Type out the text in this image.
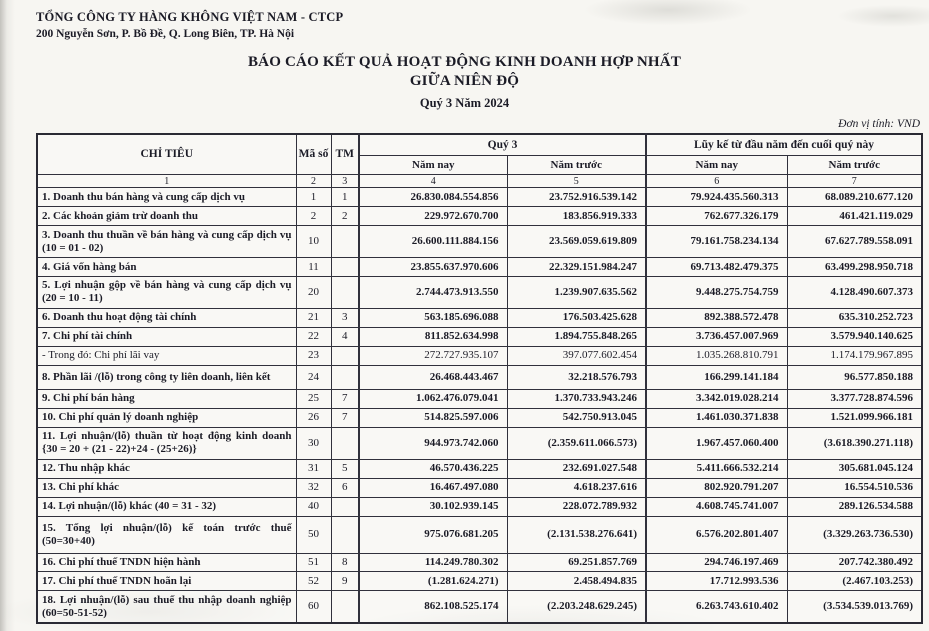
TỔNG CÔNG TY HÀNG KHÔNG VIỆT NAM - CTCP
200 Nguyễn Sơn, P. Bồ Đề, Q. Long Biên, TP. Hà Nội
BÁO CÁO KẾT QUẢ HOẠT ĐỘNG KINH DOANH HỢP NHẤT
GIỮA NIÊN ĐỘ
Quý 3 Năm 2024
Đơn vị tính: VND
CHỈ TIÊU	Mã số	TM	Quý 3		Lũy kế từ đầu năm đến cuối quý này	
			Năm nay	Năm trước	Năm nay	Năm trước
1	2	3	4	5	6	7
1. Doanh thu bán hàng và cung cấp dịch vụ	1	1	26.830.084.554.856	23.752.916.539.142	79.924.435.560.313	68.089.210.677.120
2. Các khoản giảm trừ doanh thu	2	2	229.972.670.700	183.856.919.333	762.677.326.179	461.421.119.029
3. Doanh thu thuần về bán hàng và cung cấp dịch vụ (10 = 01 - 02)	10		26.600.111.884.156	23.569.059.619.809	79.161.758.234.134	67.627.789.558.091
4. Giá vốn hàng bán	11		23.855.637.970.606	22.329.151.984.247	69.713.482.479.375	63.499.298.950.718
5. Lợi nhuận gộp về bán hàng và cung cấp dịch vụ (20 = 10 - 11)	20		2.744.473.913.550	1.239.907.635.562	9.448.275.754.759	4.128.490.607.373
6. Doanh thu hoạt động tài chính	21	3	563.185.696.088	176.503.425.628	892.388.572.478	635.310.252.723
7. Chi phí tài chính	22	4	811.852.634.998	1.894.755.848.265	3.736.457.007.969	3.579.940.140.625
- Trong đó: Chi phí lãi vay	23		272.727.935.107	397.077.602.454	1.035.268.810.791	1.174.179.967.895
8. Phần lãi /(lỗ) trong công ty liên doanh, liên kết	24		26.468.443.467	32.218.576.793	166.299.141.184	96.577.850.188
9. Chi phí bán hàng	25	7	1.062.476.079.041	1.370.733.943.246	3.342.019.028.214	3.377.728.874.596
10. Chi phí quản lý doanh nghiệp	26	7	514.825.597.006	542.750.913.045	1.461.030.371.838	1.521.099.966.181
11. Lợi nhuận/(lỗ) thuần từ hoạt động kinh doanh {30 = 20 + (21 - 22)+24 - (25+26)}	30		944.973.742.060	(2.359.611.066.573)	1.967.457.060.400	(3.618.390.271.118)
12. Thu nhập khác	31	5	46.570.436.225	232.691.027.548	5.411.666.532.214	305.681.045.124
13. Chi phí khác	32	6	16.467.497.080	4.618.237.616	802.920.791.207	16.554.510.536
14. Lợi nhuận/(lỗ) khác (40 = 31 - 32)	40		30.102.939.145	228.072.789.932	4.608.745.741.007	289.126.534.588
15. Tổng lợi nhuận/(lỗ) kế toán trước thuế (50=30+40)	50		975.076.681.205	(2.131.538.276.641)	6.576.202.801.407	(3.329.263.736.530)
16. Chi phí thuế TNDN hiện hành	51	8	114.249.780.302	69.251.857.769	294.746.197.469	207.742.380.492
17. Chi phí thuế TNDN hoãn lại	52	9	(1.281.624.271)	2.458.494.835	17.712.993.536	(2.467.103.253)
18. Lợi nhuận/(lỗ) sau thuế thu nhập doanh nghiệp (60=50-51-52)	60		862.108.525.174	(2.203.248.629.245)	6.263.743.610.402	(3.534.539.013.769)
